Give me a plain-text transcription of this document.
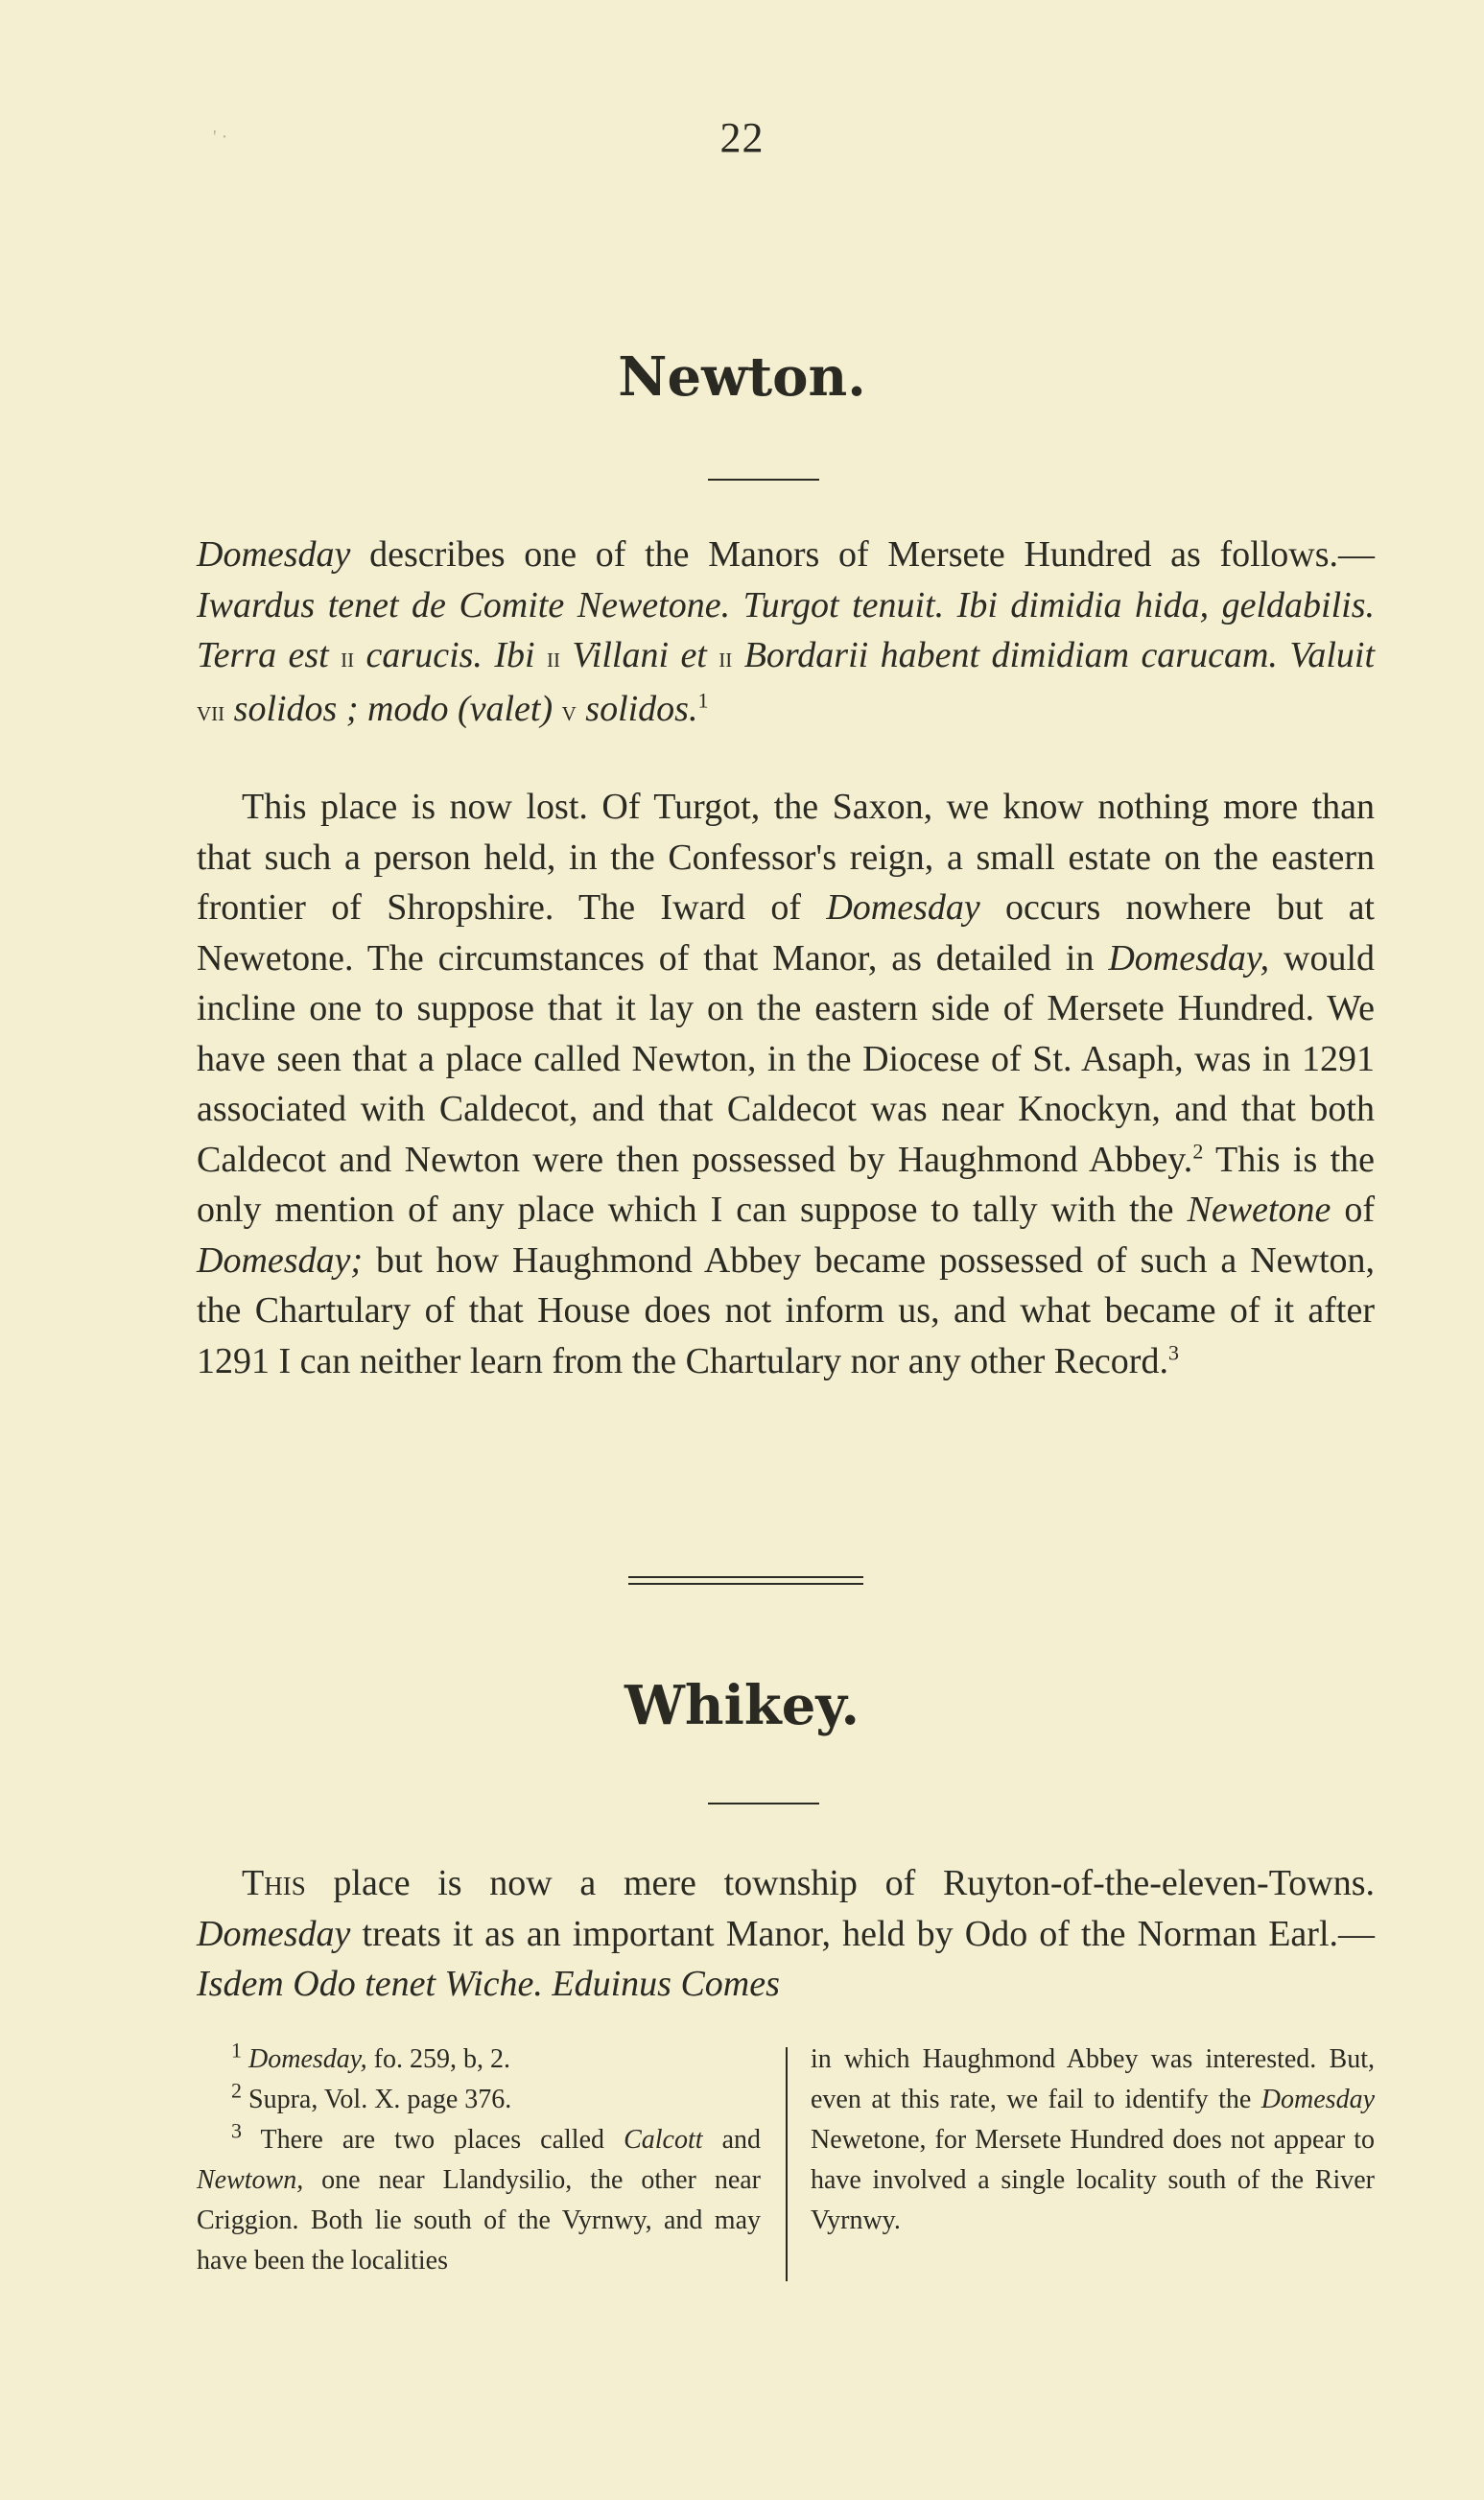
' ·	22
Newton.

Domesday describes one of the Manors of Mersete Hundred as follows.—Iwardus tenet de Comite Newetone. Turgot tenuit. Ibi dimidia hida, geldabilis. Terra est ii carucis. Ibi ii Villani et ii Bordarii habent dimidiam carucam. Valuit vii solidos ; modo (valet) v solidos.$^1$

This place is now lost. Of Turgot, the Saxon, we know nothing more than that such a person held, in the Confessor's reign, a small estate on the eastern frontier of Shropshire. The Iward of Domesday occurs nowhere but at Newetone. The circumstances of that Manor, as detailed in Domesday, would incline one to suppose that it lay on the eastern side of Mersete Hundred. We have seen that a place called Newton, in the Diocese of St. Asaph, was in 1291 associated with Caldecot, and that Caldecot was near Knockyn, and that both Caldecot and Newton were then possessed by Haughmond Abbey.$^2$ This is the only mention of any place which I can suppose to tally with the Newetone of Domesday; but how Haughmond Abbey became possessed of such a Newton, the Chartulary of that House does not inform us, and what became of it after 1291 I can neither learn from the Chartulary nor any other Record.$^3$

Whikey.

This place is now a mere township of Ruyton-of-the-eleven-Towns. Domesday treats it as an important Manor, held by Odo of the Norman Earl.—Isdem Odo tenet Wiche. Eduinus Comes

$^1$ Domesday, fo. 259, b, 2.
$^2$ Supra, Vol. X. page 376.
$^3$ There are two places called Calcott and Newtown, one near Llandysilio, the other near Criggion. Both lie south of the Vyrnwy, and may have been the localities
in which Haughmond Abbey was interested. But, even at this rate, we fail to identify the Domesday Newetone, for Mersete Hundred does not appear to have involved a single locality south of the River Vyrnwy.
